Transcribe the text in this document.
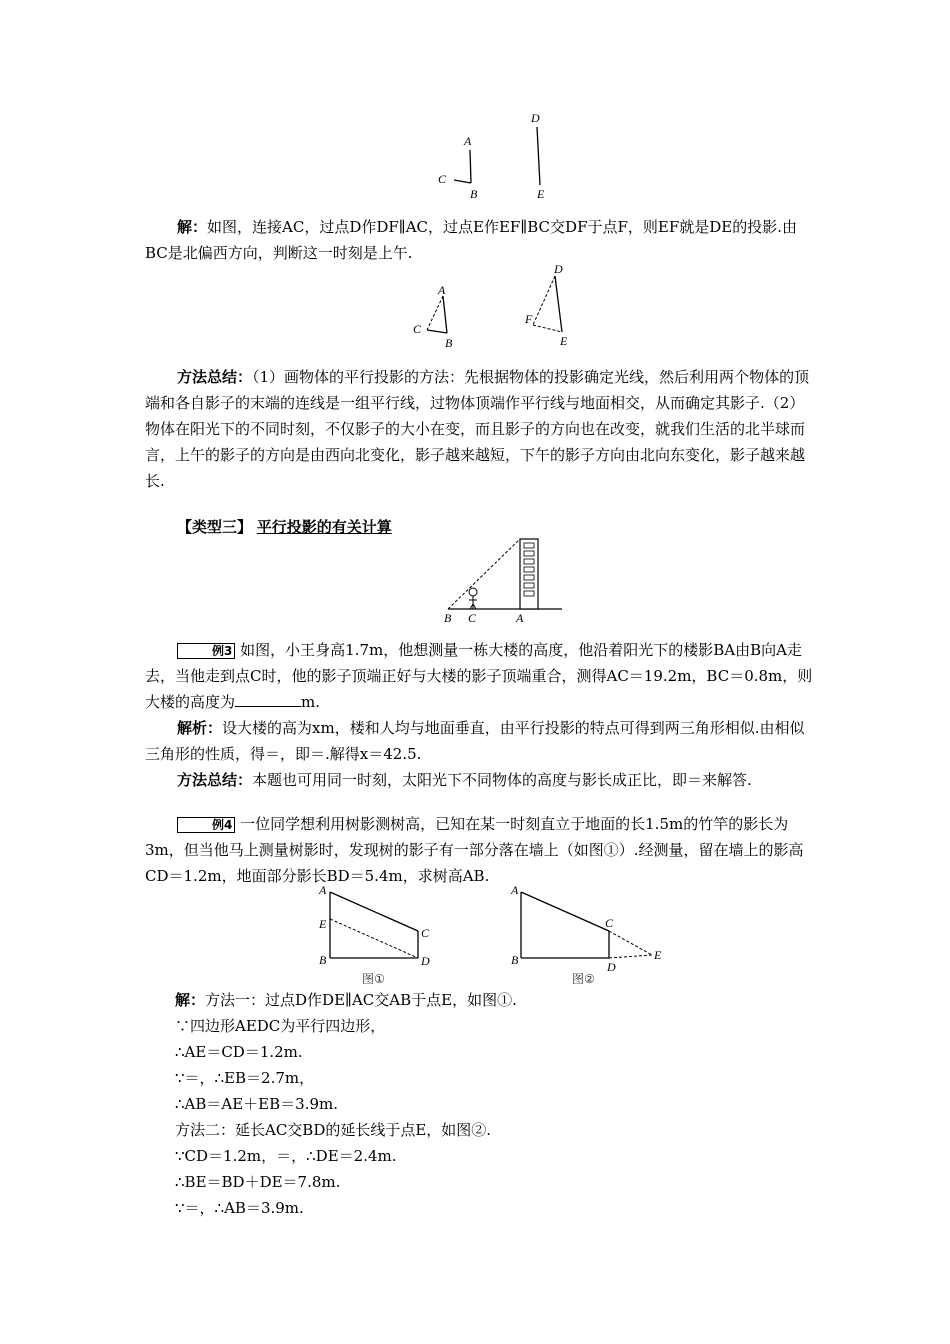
A
B
C
D
E

解：如图，连接AC，过点D作DF∥AC，过点E作EF∥BC交DF于点F，则EF就是DE的投影.由BC是北偏西方向，判断这一时刻是上午.

A
B
C
D
E
F

方法总结：（1）画物体的平行投影的方法：先根据物体的投影确定光线，然后利用两个物体的顶端和各自影子的末端的连线是一组平行线，过物体顶端作平行线与地面相交，从而确定其影子.（2）物体在阳光下的不同时刻，不仅影子的大小在变，而且影子的方向也在改变，就我们生活的北半球而言，上午的影子的方向是由西向北变化，影子越来越短，下午的影子方向由北向东变化，影子越来越长.

【类型三】 平行投影的有关计算
B C	A

例3 如图，小王身高1.7m，他想测量一栋大楼的高度，他沿着阳光下的楼影BA由B向A走去，当他走到点C时，他的影子顶端正好与大楼的影子顶端重合，测得AC＝19.2m，BC＝0.8m，则大楼的高度为	m.

解析：设大楼的高为xm，楼和人均与地面垂直，由平行投影的特点可得到两三角形相似.由相似三角形的性质，得＝，即＝.解得x＝42.5.

方法总结：本题也可用同一时刻，太阳光下不同物体的高度与影长成正比，即＝来解答.

例4 一位同学想利用树影测树高，已知在某一时刻直立于地面的长1.5m的竹竿的影长为3m，但当他马上测量树影时，发现树的影子有一部分落在墙上（如图①）.经测量，留在墙上的影高CD＝1.2m，地面部分影长BD＝5.4m，求树高AB.

A
E
B
C
D
图①
A
B
C
D
E
图②
解：方法一：过点D作DE∥AC交AB于点E，如图①.
∵四边形AEDC为平行四边形，
∴AE＝CD＝1.2m.
∵＝，∴EB＝2.7m，
∴AB＝AE＋EB＝3.9m.
方法二：延长AC交BD的延长线于点E，如图②.
∵CD＝1.2m，＝，∴DE＝2.4m.
∴BE＝BD＋DE＝7.8m.
∵＝，∴AB＝3.9m.
